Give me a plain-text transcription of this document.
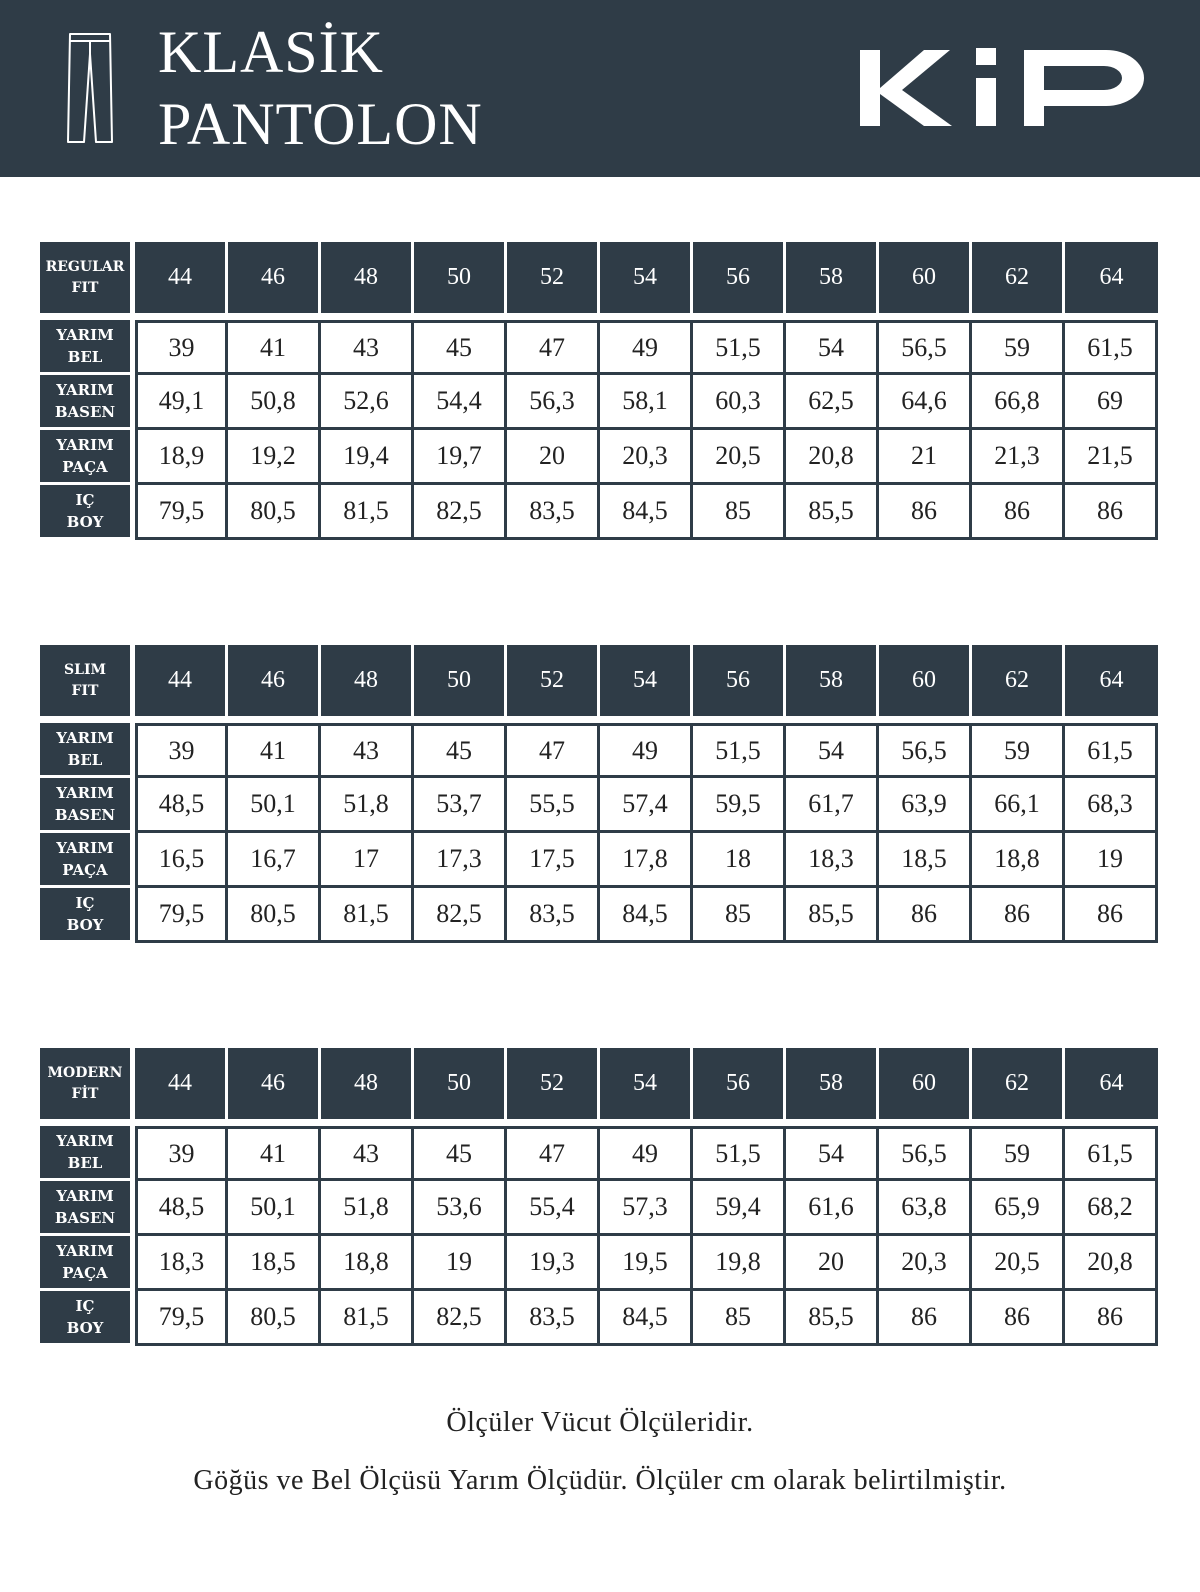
KLASİK
PANTOLON
REGULAR
FIT	44	46	48	50	52	54	56	58	60	62	64
YARIM
BEL	39	41	43	45	47	49	51,5	54	56,5	59	61,5

YARIM
BASEN	49,1	50,8	52,6	54,4	56,3	58,1	60,3	62,5	64,6	66,8	69

YARIM
PAÇA	18,9	19,2	19,4	19,7	20	20,3	20,5	20,8	21	21,3	21,5

IÇ
BOY	79,5	80,5	81,5	82,5	83,5	84,5	85	85,5	86	86	86
SLIM
FIT	44	46	48	50	52	54	56	58	60	62	64
YARIM
BEL	39	41	43	45	47	49	51,5	54	56,5	59	61,5

YARIM
BASEN	48,5	50,1	51,8	53,7	55,5	57,4	59,5	61,7	63,9	66,1	68,3

YARIM
PAÇA	16,5	16,7	17	17,3	17,5	17,8	18	18,3	18,5	18,8	19

IÇ
BOY	79,5	80,5	81,5	82,5	83,5	84,5	85	85,5	86	86	86
MODERN
FİT	44	46	48	50	52	54	56	58	60	62	64
YARIM
BEL	39	41	43	45	47	49	51,5	54	56,5	59	61,5

YARIM
BASEN	48,5	50,1	51,8	53,6	55,4	57,3	59,4	61,6	63,8	65,9	68,2

YARIM
PAÇA	18,3	18,5	18,8	19	19,3	19,5	19,8	20	20,3	20,5	20,8

IÇ
BOY	79,5	80,5	81,5	82,5	83,5	84,5	85	85,5	86	86	86
Ölçüler Vücut Ölçüleridir.
Göğüs ve Bel Ölçüsü Yarım Ölçüdür. Ölçüler cm olarak belirtilmiştir.
